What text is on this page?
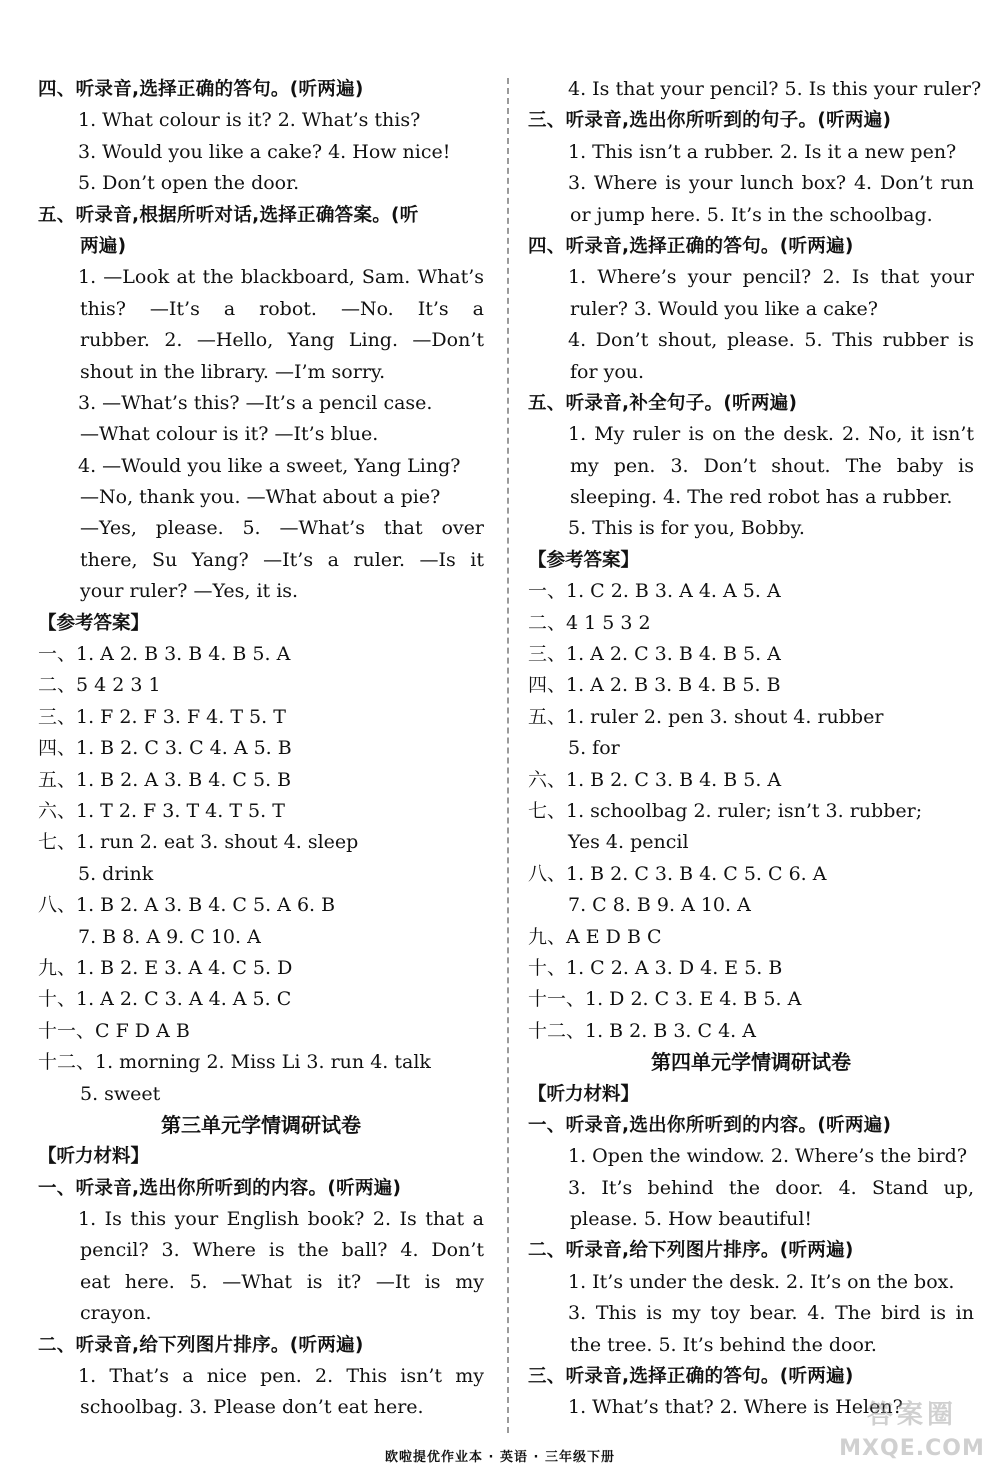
四、听录音,选择正确的答句。(听两遍)
1. What colour is it? 2. What’s this?
3. Would you like a cake? 4. How nice!
5. Don’t open the door.
五、听录音,根据所听对话,选择正确答案。(听
两遍)
1. —Look at the blackboard, Sam. What’s
this? —It’s a robot. —No. It’s a
rubber. 2. —Hello, Yang Ling. —Don’t
shout in the library. —I’m sorry.
3. —What’s this? —It’s a pencil case.
—What colour is it? —It’s blue.
4. —Would you like a sweet, Yang Ling?
—No, thank you. —What about a pie?
—Yes, please. 5. —What’s that over
there, Su Yang? —It’s a ruler. —Is it
your ruler? —Yes, it is.
【参考答案】
一、1. A 2. B 3. B 4. B 5. A
二、5 4 2 3 1
三、1. F 2. F 3. F 4. T 5. T
四、1. B 2. C 3. C 4. A 5. B
五、1. B 2. A 3. B 4. C 5. B
六、1. T 2. F 3. T 4. T 5. T
七、1. run 2. eat 3. shout 4. sleep
5. drink
八、1. B 2. A 3. B 4. C 5. A 6. B
7. B 8. A 9. C 10. A
九、1. B 2. E 3. A 4. C 5. D
十、1. A 2. C 3. A 4. A 5. C
十一、C F D A B
十二、1. morning 2. Miss Li 3. run 4. talk
5. sweet
第三单元学情调研试卷
【听力材料】
一、听录音,选出你所听到的内容。(听两遍)
1. Is this your English book? 2. Is that a
pencil? 3. Where is the ball? 4. Don’t
eat here. 5. —What is it? —It is my
crayon.
二、听录音,给下列图片排序。(听两遍)
1. That’s a nice pen. 2. This isn’t my
schoolbag. 3. Please don’t eat here.
4. Is that your pencil? 5. Is this your ruler?
三、听录音,选出你所听到的句子。(听两遍)
1. This isn’t a rubber. 2. Is it a new pen?
3. Where is your lunch box? 4. Don’t run
or jump here. 5. It’s in the schoolbag.
四、听录音,选择正确的答句。(听两遍)
1. Where’s your pencil? 2. Is that your
ruler? 3. Would you like a cake?
4. Don’t shout, please. 5. This rubber is
for you.
五、听录音,补全句子。(听两遍)
1. My ruler is on the desk. 2. No, it isn’t
my pen. 3. Don’t shout. The baby is
sleeping. 4. The red robot has a rubber.
5. This is for you, Bobby.
【参考答案】
一、1. C 2. B 3. A 4. A 5. A
二、4 1 5 3 2
三、1. A 2. C 3. B 4. B 5. A
四、1. A 2. B 3. B 4. B 5. B
五、1. ruler 2. pen 3. shout 4. rubber
5. for
六、1. B 2. C 3. B 4. B 5. A
七、1. schoolbag 2. ruler; isn’t 3. rubber;
Yes 4. pencil
八、1. B 2. C 3. B 4. C 5. C 6. A
7. C 8. B 9. A 10. A
九、A E D B C
十、1. C 2. A 3. D 4. E 5. B
十一、1. D 2. C 3. E 4. B 5. A
十二、1. B 2. B 3. C 4. A
第四单元学情调研试卷
【听力材料】
一、听录音,选出你所听到的内容。(听两遍)
1. Open the window. 2. Where’s the bird?
3. It’s behind the door. 4. Stand up,
please. 5. How beautiful!
二、听录音,给下列图片排序。(听两遍)
1. It’s under the desk. 2. It’s on the box.
3. This is my toy bear. 4. The bird is in
the tree. 5. It’s behind the door.
三、听录音,选择正确的答句。(听两遍)
1. What’s that? 2. Where is Helen?
欧啦提优作业本 · 英语 · 三年级下册
答案圈
MXQE.COM
